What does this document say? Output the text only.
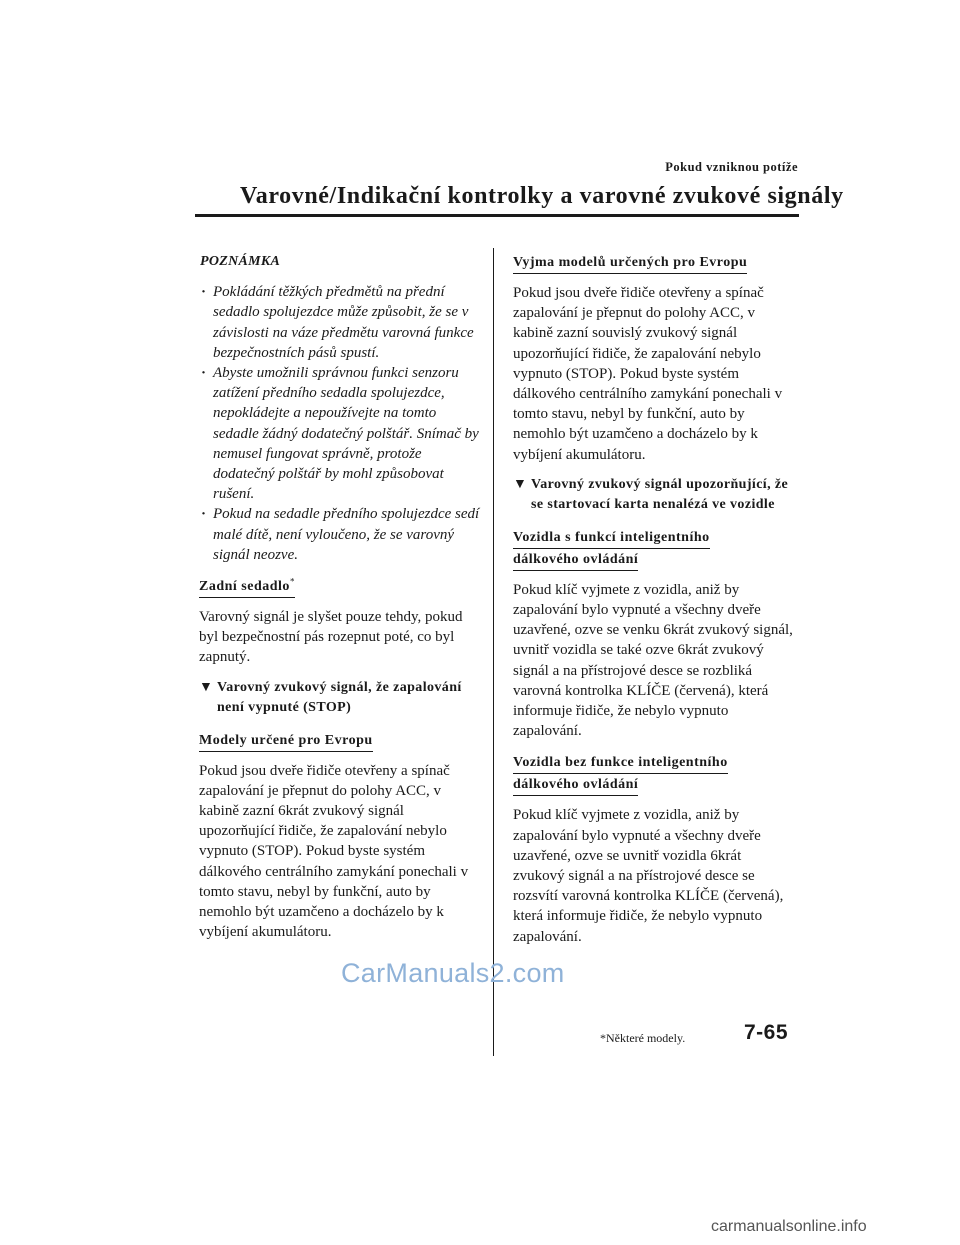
Pokud vzniknou potíže
Varovné/Indikační kontrolky a varovné zvukové signály
POZNÁMKA
· Pokládání těžkých předmětů na přední sedadlo spolujezdce může způsobit, že se v závislosti na váze předmětu varovná funkce bezpečnostních pásů spustí.
· Abyste umožnili správnou funkci senzoru zatížení předního sedadla spolujezdce, nepokládejte a nepoužívejte na tomto sedadle žádný dodatečný polštář. Snímač by nemusel fungovat správně, protože dodatečný polštář by mohl způsobovat rušení.
· Pokud na sedadle předního spolujezdce sedí malé dítě, není vyloučeno, že se varovný signál neozve.
Zadní sedadlo*

Varovný signál je slyšet pouze tehdy, pokud byl bezpečnostní pás rozepnut poté, co byl zapnutý.

▼ Varovný zvukový signál, že zapalování není vypnuté (STOP)
Modely určené pro Evropu

Pokud jsou dveře řidiče otevřeny a spínač zapalování je přepnut do polohy ACC, v kabině zazní 6krát zvukový signál upozorňující řidiče, že zapalování nebylo vypnuto (STOP). Pokud byste systém dálkového centrálního zamykání ponechali v tomto stavu, nebyl by funkční, auto by nemohlo být uzamčeno a docházelo by k vybíjení akumulátoru.

Vyjma modelů určených pro Evropu

Pokud jsou dveře řidiče otevřeny a spínač zapalování je přepnut do polohy ACC, v kabině zazní souvislý zvukový signál upozorňující řidiče, že zapalování nebylo vypnuto (STOP). Pokud byste systém dálkového centrálního zamykání ponechali v tomto stavu, nebyl by funkční, auto by nemohlo být uzamčeno a docházelo by k vybíjení akumulátoru.

▼ Varovný zvukový signál upozorňující, že se startovací karta nenalézá ve vozidle
Vozidla s funkcí inteligentního
dálkového ovládání

Pokud klíč vyjmete z vozidla, aniž by zapalování bylo vypnuté a všechny dveře uzavřené, ozve se venku 6krát zvukový signál, uvnitř vozidla se také ozve 6krát zvukový signál a na přístrojové desce se rozbliká varovná kontrolka KLÍČE (červená), která informuje řidiče, že nebylo vypnuto zapalování.

Vozidla bez funkce inteligentního
dálkového ovládání

Pokud klíč vyjmete z vozidla, aniž by zapalování bylo vypnuté a všechny dveře uzavřené, ozve se uvnitř vozidla 6krát zvukový signál a na přístrojové desce se rozsvítí varovná kontrolka KLÍČE (červená), která informuje řidiče, že nebylo vypnuto zapalování.

CarManuals2.com
*Některé modely.	7-65
carmanualsonline.info
